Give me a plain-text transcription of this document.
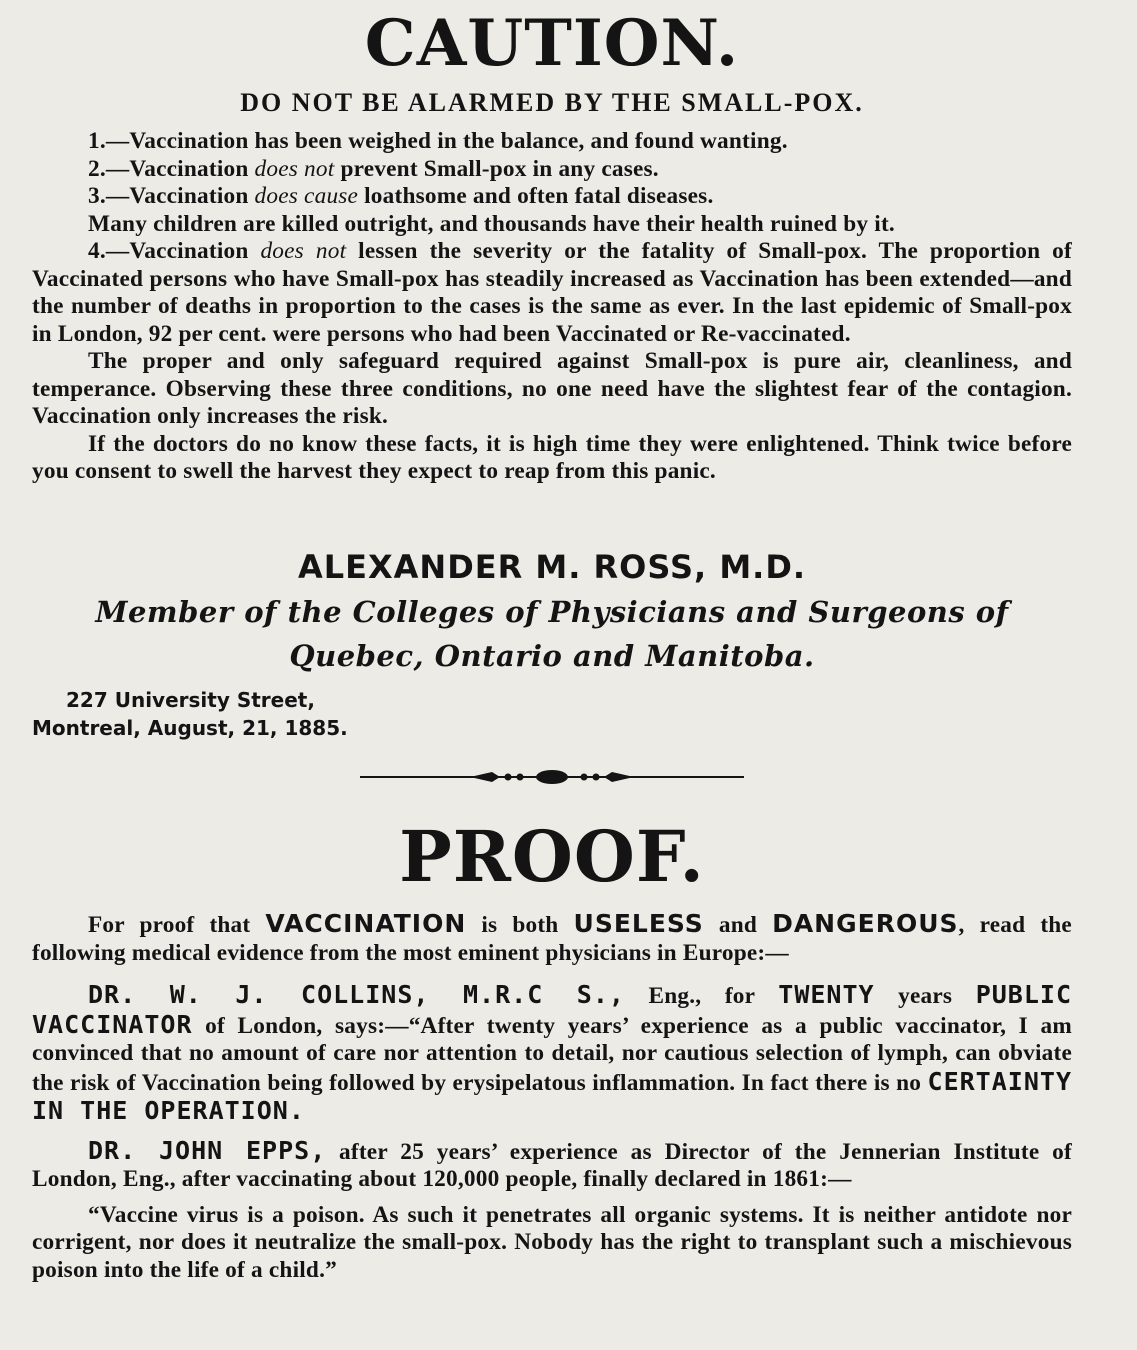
CAUTION.
DO NOT BE ALARMED BY THE SMALL-POX.

1.—Vaccination has been weighed in the balance, and found wanting.

2.—Vaccination does not prevent Small-pox in any cases.

3.—Vaccination does cause loathsome and often fatal diseases.

Many children are killed outright, and thousands have their health ruined by it.

4.—Vaccination does not lessen the severity or the fatality of Small-pox. The proportion of Vaccinated persons who have Small-pox has steadily increased as Vaccination has been extended—and the number of deaths in proportion to the cases is the same as ever. In the last epidemic of Small-pox in London, 92 per cent. were persons who had been Vaccinated or Re-vaccinated.

The proper and only safeguard required against Small-pox is pure air, cleanliness, and temperance. Observing these three conditions, no one need have the slightest fear of the contagion. Vaccination only increases the risk.

If the doctors do no know these facts, it is high time they were enlightened. Think twice before you consent to swell the harvest they expect to reap from this panic.

ALEXANDER M. ROSS, M.D.
Member of the Colleges of Physicians and Surgeons of
Quebec, Ontario and Manitoba.
227 University Street,
Montreal, August, 21, 1885.
PROOF.

For proof that VACCINATION is both USELESS and DANGEROUS, read the following medical evidence from the most eminent physicians in Europe:—

DR. W. J. COLLINS, M.R.C S., Eng., for TWENTY years PUBLIC VACCINATOR of London, says:—“After twenty years’ experience as a public vaccinator, I am convinced that no amount of care nor attention to detail, nor cautious selection of lymph, can obviate the risk of Vaccination being followed by erysipelatous inflammation. In fact there is no CERTAINTY IN THE OPERATION.

DR. JOHN EPPS, after 25 years’ experience as Director of the Jennerian Institute of London, Eng., after vaccinating about 120,000 people, finally declared in 1861:—

“Vaccine virus is a poison. As such it penetrates all organic systems. It is neither antidote nor corrigent, nor does it neutralize the small-pox. Nobody has the right to transplant such a mischievous poison into the life of a child.”
